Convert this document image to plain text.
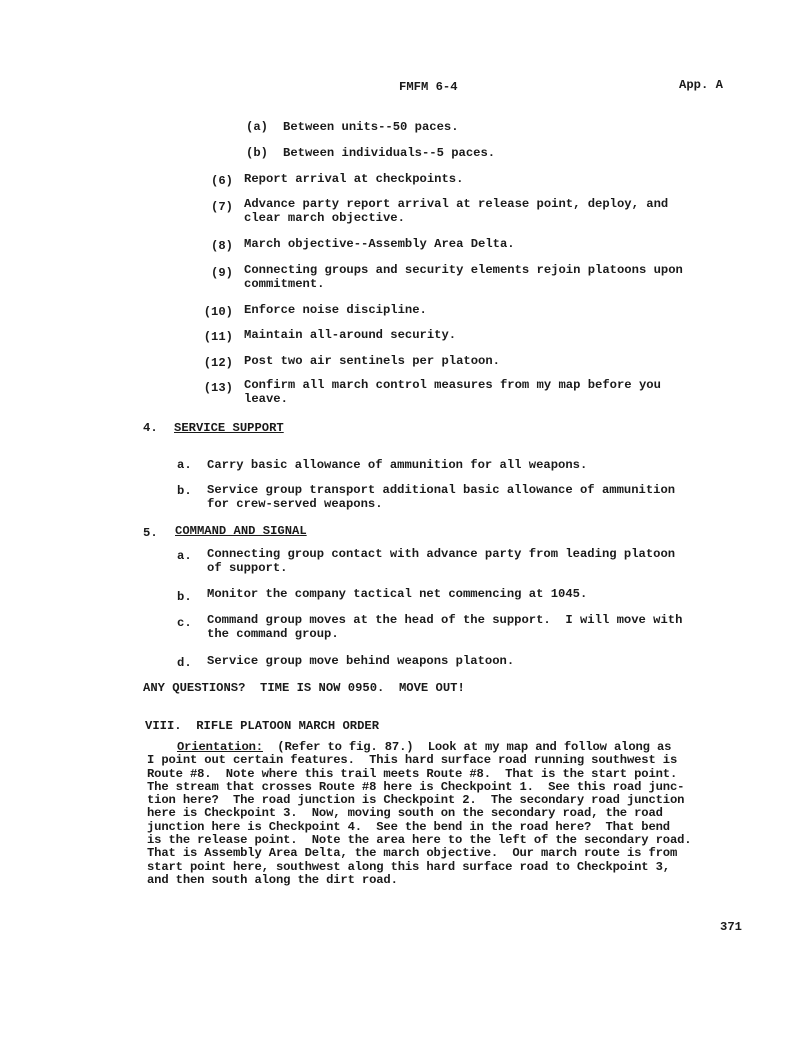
FMFM 6-4	App. A
(a) Between units--50 paces.
(b) Between individuals--5 paces.
(6) Report arrival at checkpoints.
(7) Advance party report arrival at release point, deploy, and
clear march objective.
(8) March objective--Assembly Area Delta.
(9) Connecting groups and security elements rejoin platoons upon
commitment.
(10) Enforce noise discipline.
(11) Maintain all-around security.
(12) Post two air sentinels per platoon.
(13) Confirm all march control measures from my map before you
leave.
4. SERVICE SUPPORT
a. Carry basic allowance of ammunition for all weapons.
b. Service group transport additional basic allowance of ammunition
for crew-served weapons.
5. COMMAND AND SIGNAL
a. Connecting group contact with advance party from leading platoon
of support.
b. Monitor the company tactical net commencing at 1045.
c. Command group moves at the head of the support.  I will move with
the command group.
d. Service group move behind weapons platoon.
ANY QUESTIONS?  TIME IS NOW 0950.  MOVE OUT!
VIII.  RIFLE PLATOON MARCH ORDER
Orientation:  (Refer to fig. 87.)  Look at my map and follow along as
I point out certain features.  This hard surface road running southwest is
Route #8.  Note where this trail meets Route #8.  That is the start point.
The stream that crosses Route #8 here is Checkpoint 1.  See this road junc-
tion here?  The road junction is Checkpoint 2.  The secondary road junction
here is Checkpoint 3.  Now, moving south on the secondary road, the road
junction here is Checkpoint 4.  See the bend in the road here?  That bend
is the release point.  Note the area here to the left of the secondary road.
That is Assembly Area Delta, the march objective.  Our march route is from
start point here, southwest along this hard surface road to Checkpoint 3,
and then south along the dirt road.
371
